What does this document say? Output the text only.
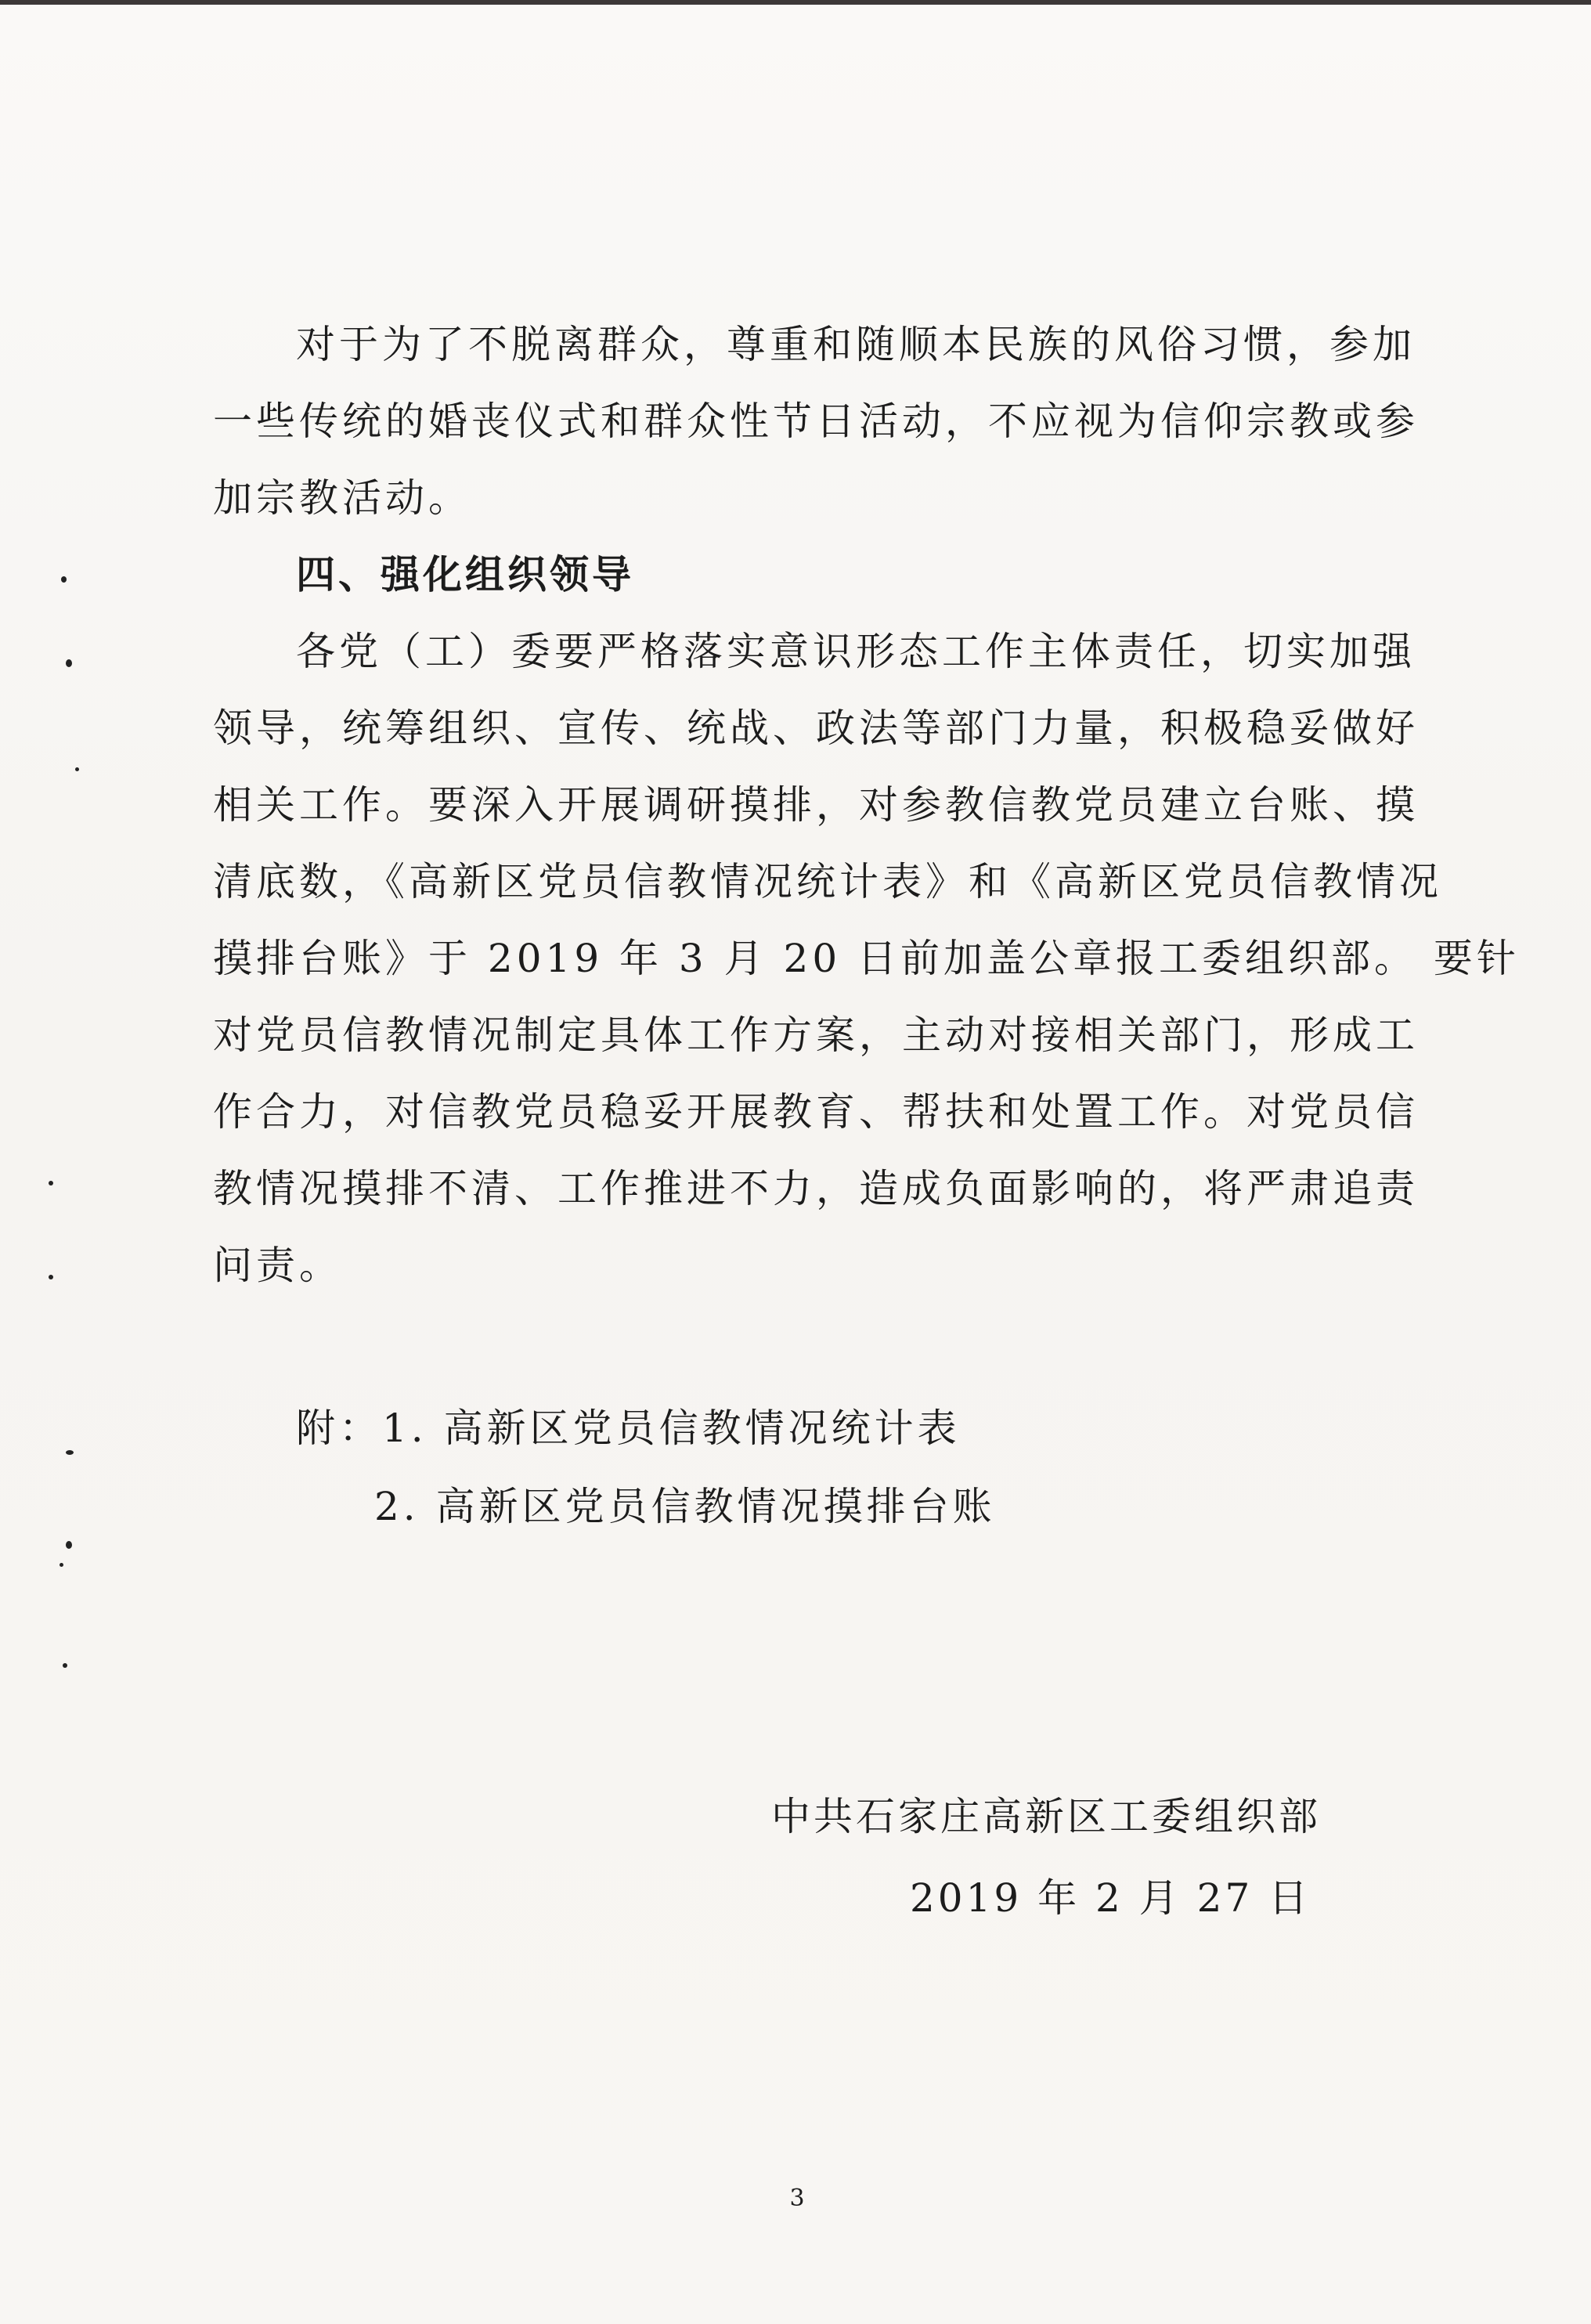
对于为了不脱离群众，尊重和随顺本民族的风俗习惯，参加
一些传统的婚丧仪式和群众性节日活动，不应视为信仰宗教或参
加宗教活动。
四、强化组织领导
各党（工）委要严格落实意识形态工作主体责任，切实加强
领导，统筹组织、宣传、统战、政法等部门力量，积极稳妥做好
相关工作。要深入开展调研摸排，对参教信教党员建立台账、摸
清底数，《高新区党员信教情况统计表》和《高新区党员信教情况
摸排台账》于 2019 年 3 月 20 日前加盖公章报工委组织部。 要针
对党员信教情况制定具体工作方案，主动对接相关部门，形成工
作合力，对信教党员稳妥开展教育、帮扶和处置工作。对党员信
教情况摸排不清、工作推进不力，造成负面影响的，将严肃追责
问责。
附：1. 高新区党员信教情况统计表
2. 高新区党员信教情况摸排台账
中共石家庄高新区工委组织部
2019 年 2 月 27 日
3
